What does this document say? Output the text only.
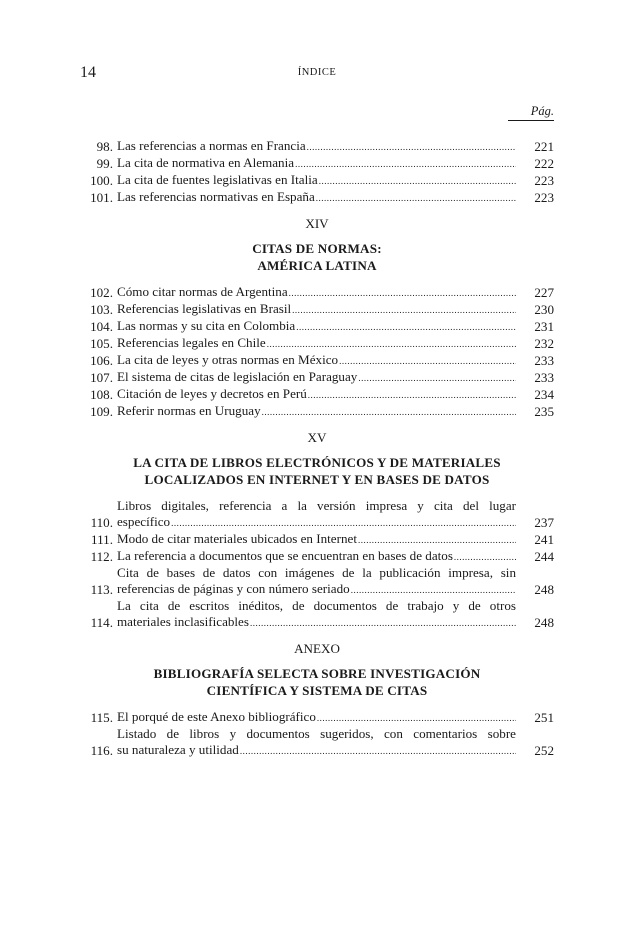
14	ÍNDICE
Pág.
98. Las referencias a normas en Francia .....	221
99. La cita de normativa en Alemania .....	222
100. La cita de fuentes legislativas en Italia .....	223
101. Las referencias normativas en España .....	223
XIV
CITAS DE NORMAS:
AMÉRICA LATINA
102. Cómo citar normas de Argentina .....	227
103. Referencias legislativas en Brasil .....	230
104. Las normas y su cita en Colombia .....	231
105. Referencias legales en Chile .....	232
106. La cita de leyes y otras normas en México .....	233
107. El sistema de citas de legislación en Paraguay .....	233
108. Citación de leyes y decretos en Perú .....	234
109. Referir normas en Uruguay .....	235
XV
LA CITA DE LIBROS ELECTRÓNICOS Y DE MATERIALES
LOCALIZADOS EN INTERNET Y EN BASES DE DATOS
110.
Libros digitales, referencia a la versión impresa y cita del lugar
específico .....	237
111. Modo de citar materiales ubicados en Internet .....	241
112. La referencia a documentos que se encuentran en bases de datos .....	244
113.
Cita de bases de datos con imágenes de la publicación impresa, sin
referencias de páginas y con número seriado .....	248
114.
La cita de escritos inéditos, de documentos de trabajo y de otros
materiales inclasificables .....	248
ANEXO
BIBLIOGRAFÍA SELECTA SOBRE INVESTIGACIÓN
CIENTÍFICA Y SISTEMA DE CITAS
115. El porqué de este Anexo bibliográfico .....	251
116.
Listado de libros y documentos sugeridos, con comentarios sobre
su naturaleza y utilidad .....	252
